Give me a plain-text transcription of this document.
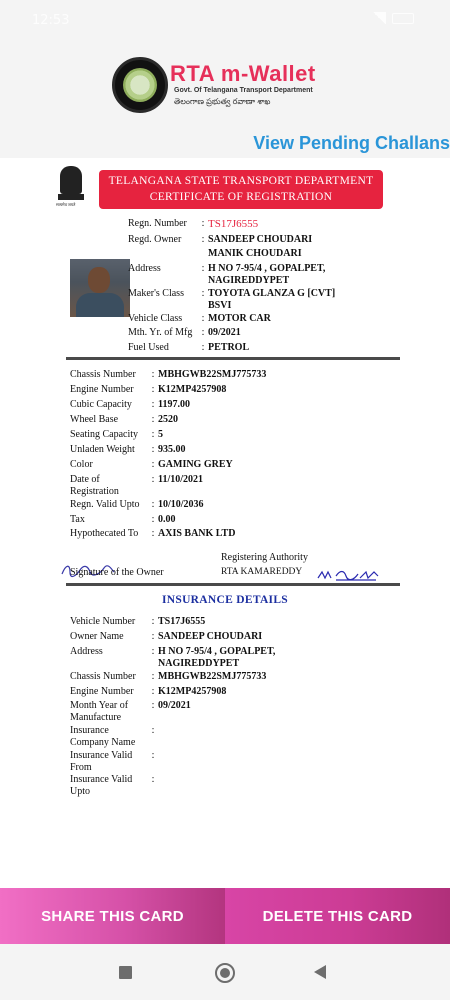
RTA m-Wallet
Govt. Of Telangana Transport Department
తెలంగాణ ప్రభుత్వ రవాణా శాఖ
View Pending Challans
12:53
सत्यमेव जयते
TELANGANA STATE TRANSPORT DEPARTMENT
CERTIFICATE OF REGISTRATION
Signature of the Owner
Registering Authority
RTA KAMAREDDY
INSURANCE DETAILS
Regn. Number	: TS17J6555
Regd. Owner	: SANDEEP CHOUDARI
MANIK CHOUDARI
Address	: H NO 7-95/4 , GOPALPET,
NAGIREDDYPET
Maker's Class	: TOYOTA GLANZA G [CVT]
BSVI
Vehicle Class	: MOTOR CAR
Mth. Yr. of Mfg : 09/2021
Fuel Used	: PETROL
Chassis Number	: MBHGWB22SMJ775733
Engine Number	: K12MP4257908
Cubic Capacity	: 1197.00
Wheel Base	: 2520
Seating Capacity	: 5
Unladen Weight	: 935.00
Color	: GAMING GREY
Date of Registration
: 11/10/2021
Regn. Valid Upto	: 10/10/2036
Tax	: 0.00
Hypothecated To	: AXIS BANK LTD
Vehicle Number	: TS17J6555
Owner Name	: SANDEEP CHOUDARI
Address	: H NO 7-95/4 , GOPALPET,
NAGIREDDYPET
Chassis Number	: MBHGWB22SMJ775733
Engine Number	: K12MP4257908
Month Year of Manufacture
: 09/2021
Insurance Company Name
:
Insurance Valid From
:
Insurance Valid Upto
:
SHARE THIS CARD	DELETE THIS CARD
